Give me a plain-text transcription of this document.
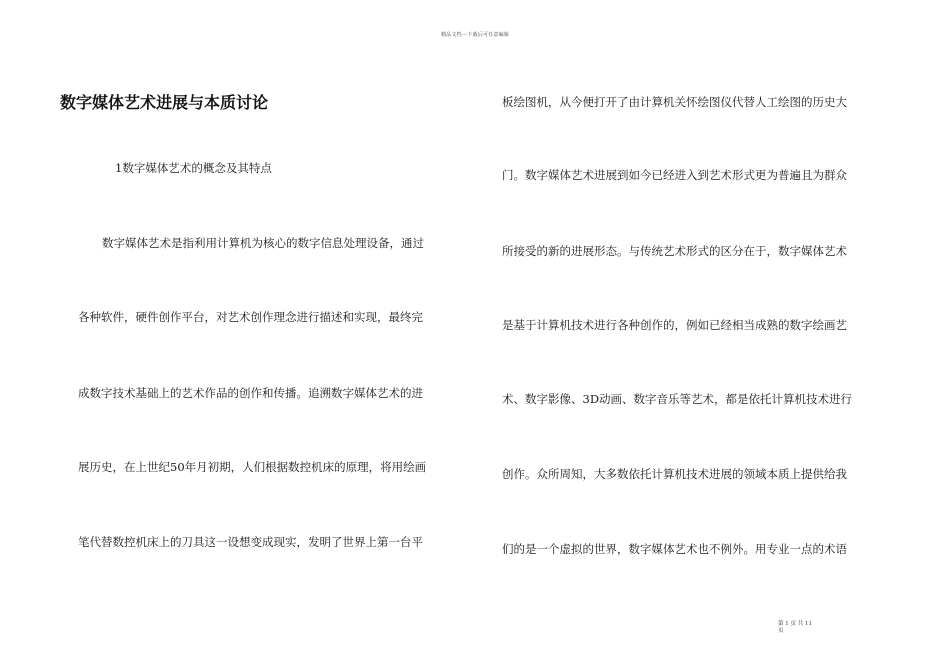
精品文档---下载后可任意编辑
数字媒体艺术进展与本质讨论
1数字媒体艺术的概念及其特点
数字媒体艺术是指利用计算机为核心的数字信息处理设备，通过
各种软件，硬件创作平台，对艺术创作理念进行描述和实现，最终完
成数字技术基础上的艺术作品的创作和传播。追溯数字媒体艺术的进
展历史，在上世纪50年月初期，人们根据数控机床的原理，将用绘画
笔代替数控机床上的刀具这一设想变成现实，发明了世界上第一台平
板绘图机，从今便打开了由计算机关怀绘图仪代替人工绘图的历史大
门。数字媒体艺术进展到如今已经进入到艺术形式更为普遍且为群众
所接受的新的进展形态。与传统艺术形式的区分在于，数字媒体艺术
是基于计算机技术进行各种创作的，例如已经相当成熟的数字绘画艺
术、数字影像、3D动画、数字音乐等艺术，都是依托计算机技术进行
创作。众所周知，大多数依托计算机技术进展的领域本质上提供给我
们的是一个虚拟的世界，数字媒体艺术也不例外。用专业一点的术语
第 1 页 共 11
页
